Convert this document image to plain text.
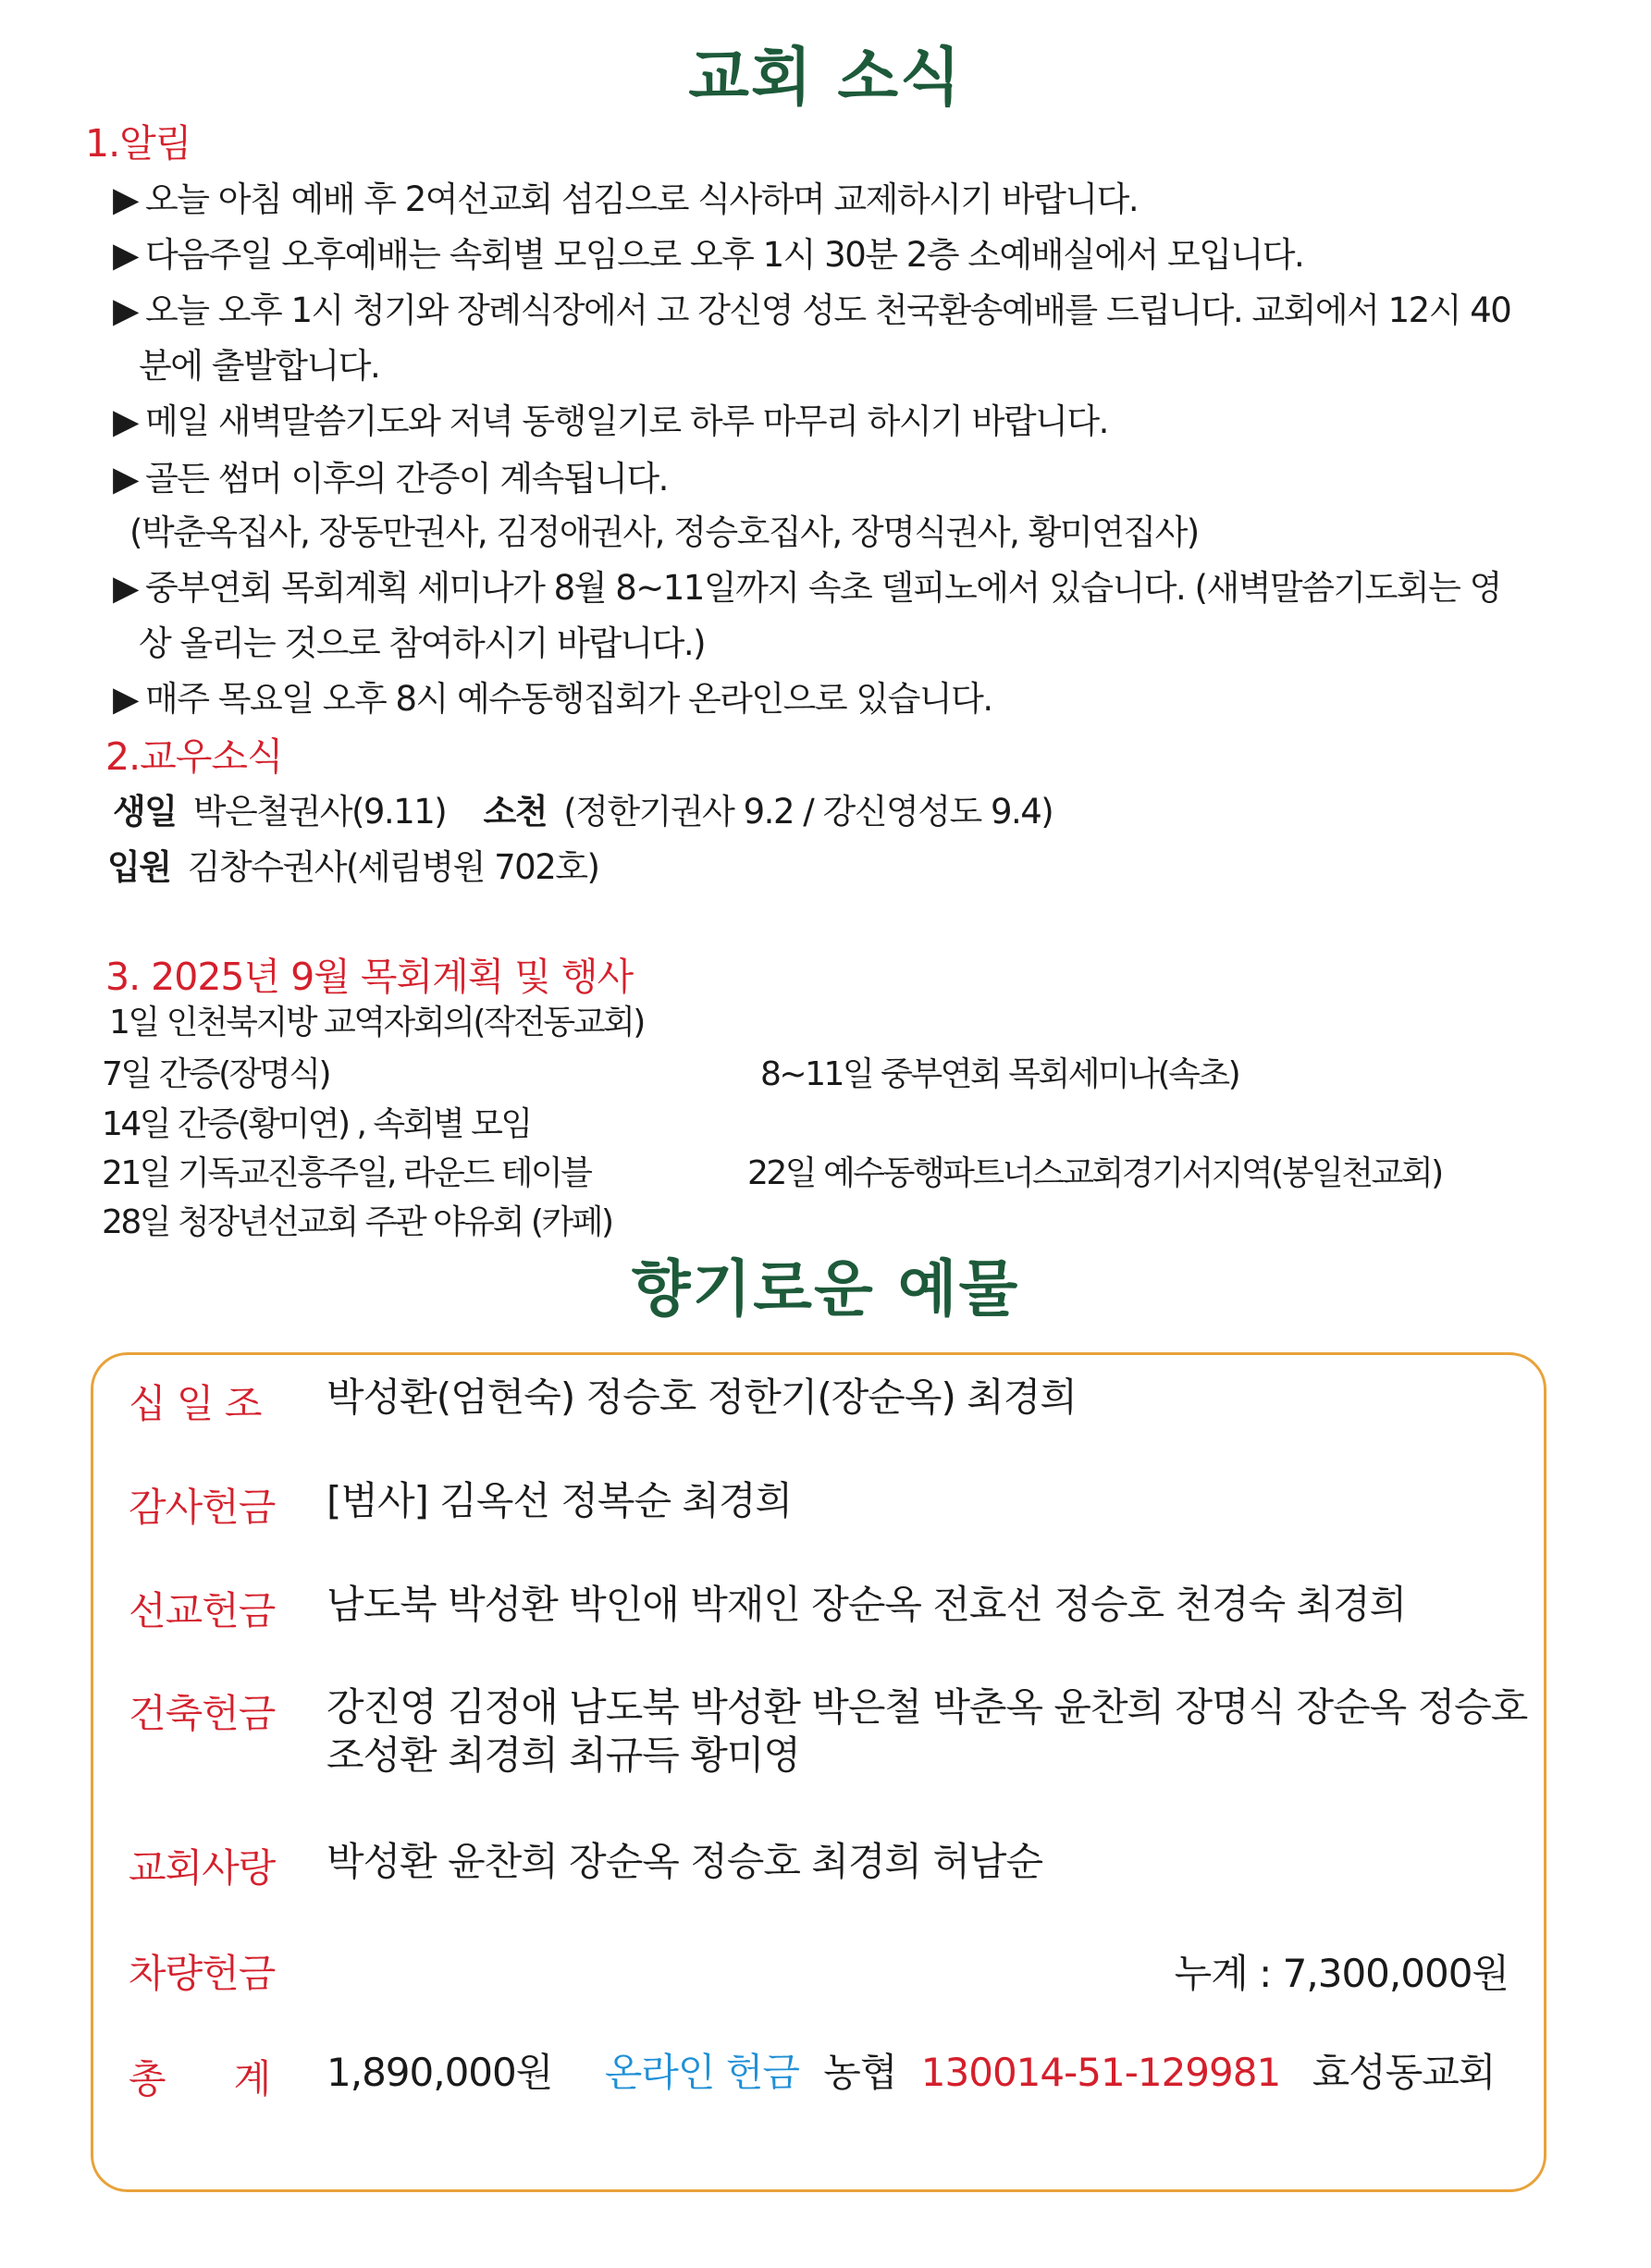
교회 소식
1.알림
▶ 오늘 아침 예배 후 2여선교회 섬김으로 식사하며 교제하시기 바랍니다.
▶ 다음주일 오후예배는 속회별 모임으로 오후 1시 30분 2층 소예배실에서 모입니다.
▶ 오늘 오후 1시 청기와 장례식장에서 고 강신영 성도 천국환송예배를 드립니다. 교회에서 12시 40
분에 출발합니다.
▶ 메일 새벽말씀기도와 저녁 동행일기로 하루 마무리 하시기 바랍니다.
▶ 골든 썸머 이후의 간증이 계속됩니다.
(박춘옥집사, 장동만권사, 김정애권사, 정승호집사, 장명식권사, 황미연집사)
▶ 중부연회 목회계획 세미나가 8월 8~11일까지 속초 델피노에서 있습니다. (새벽말씀기도회는 영
상 올리는 것으로 참여하시기 바랍니다.)
▶ 매주 목요일 오후 8시 예수동행집회가 온라인으로 있습니다.
2.교우소식
생일 박은철권사(9.11) 소천 (정한기권사 9.2 / 강신영성도 9.4)
입원 김창수권사(세림병원 702호)
3. 2025년 9월 목회계획 및 행사
1일 인천북지방 교역자회의(작전동교회)
7일 간증(장명식)	8~11일 중부연회 목회세미나(속초)
14일 간증(황미연) , 속회별 모임
21일 기독교진흥주일, 라운드 테이블	22일 예수동행파트너스교회경기서지역(봉일천교회)
28일 청장년선교회 주관 야유회 (카페)
향기로운 예물
십 일 조 박성환(엄현숙) 정승호 정한기(장순옥) 최경희
감사헌금 [범사] 김옥선 정복순 최경희
선교헌금 남도북 박성환 박인애 박재인 장순옥 전효선 정승호 천경숙 최경희
건축헌금 강진영 김정애 남도북 박성환 박은철 박춘옥 윤찬희 장명식 장순옥 정승호
조성환 최경희 최규득 황미영
교회사랑 박성환 윤찬희 장순옥 정승호 최경희 허남순
차량헌금	누계 : 7,300,000원
총      계 1,890,000원 온라인 헌금 농협 130014-51-129981 효성동교회
